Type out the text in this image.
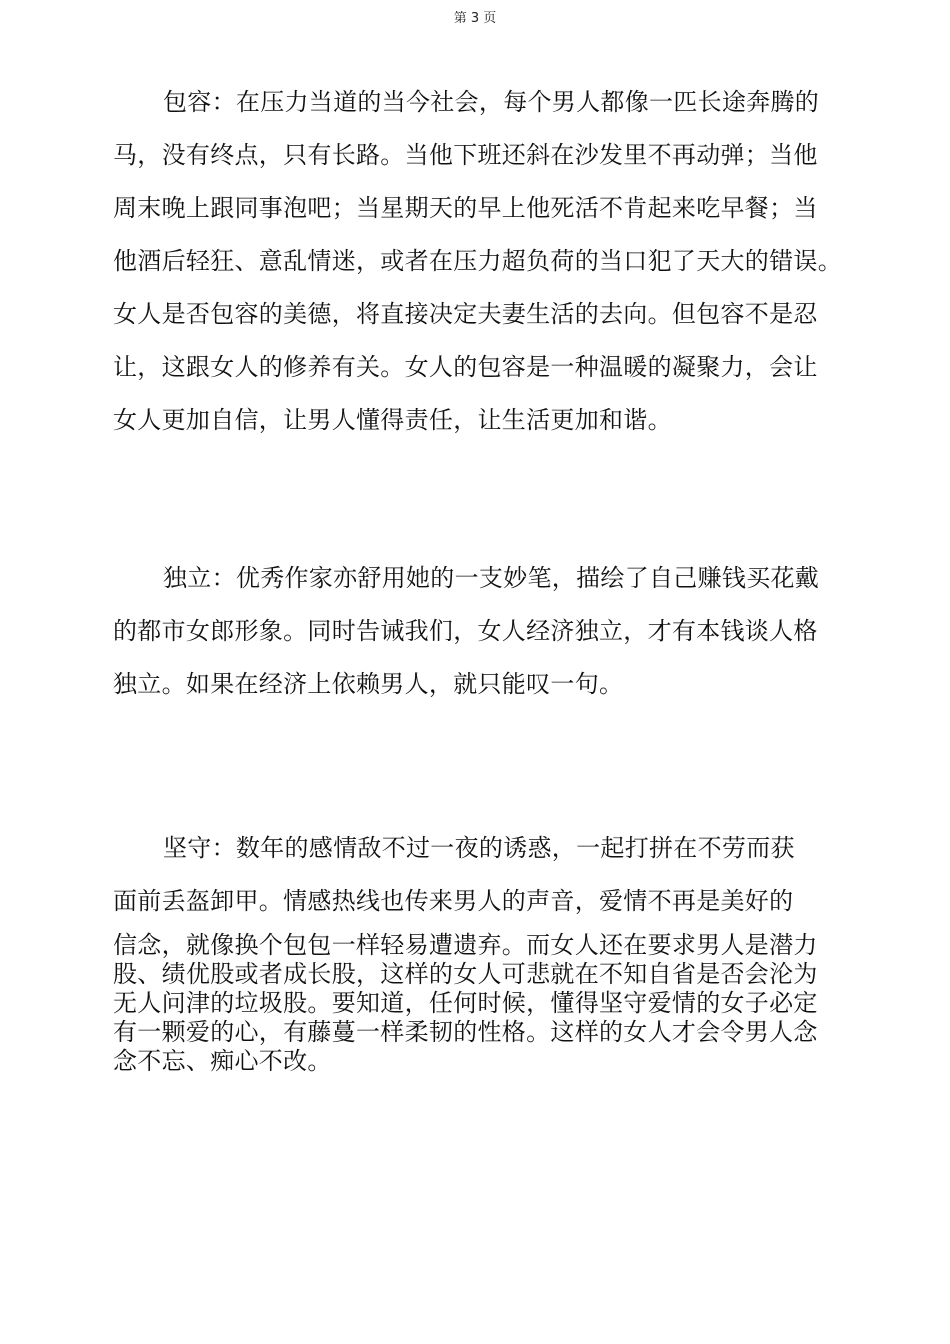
第 3 页
包容：在压力当道的当今社会，每个男人都像一匹长途奔腾的
马，没有终点，只有长路。当他下班还斜在沙发里不再动弹；当他
周末晚上跟同事泡吧；当星期天的早上他死活不肯起来吃早餐；当
他酒后轻狂、意乱情迷，或者在压力超负荷的当口犯了天大的错误。
女人是否包容的美德，将直接决定夫妻生活的去向。但包容不是忍
让，这跟女人的修养有关。女人的包容是一种温暖的凝聚力，会让
女人更加自信，让男人懂得责任，让生活更加和谐。
独立：优秀作家亦舒用她的一支妙笔，描绘了自己赚钱买花戴
的都市女郎形象。同时告诫我们，女人经济独立，才有本钱谈人格
独立。如果在经济上依赖男人，就只能叹一句。
坚守：数年的感情敌不过一夜的诱惑，一起打拼在不劳而获
面前丢盔卸甲。情感热线也传来男人的声音，爱情不再是美好的
信念，就像换个包包一样轻易遭遗弃。而女人还在要求男人是潜力
股、绩优股或者成长股，这样的女人可悲就在不知自省是否会沦为
无人问津的垃圾股。要知道，任何时候，懂得坚守爱情的女子必定
有一颗爱的心，有藤蔓一样柔韧的性格。这样的女人才会令男人念
念不忘、痴心不改。
